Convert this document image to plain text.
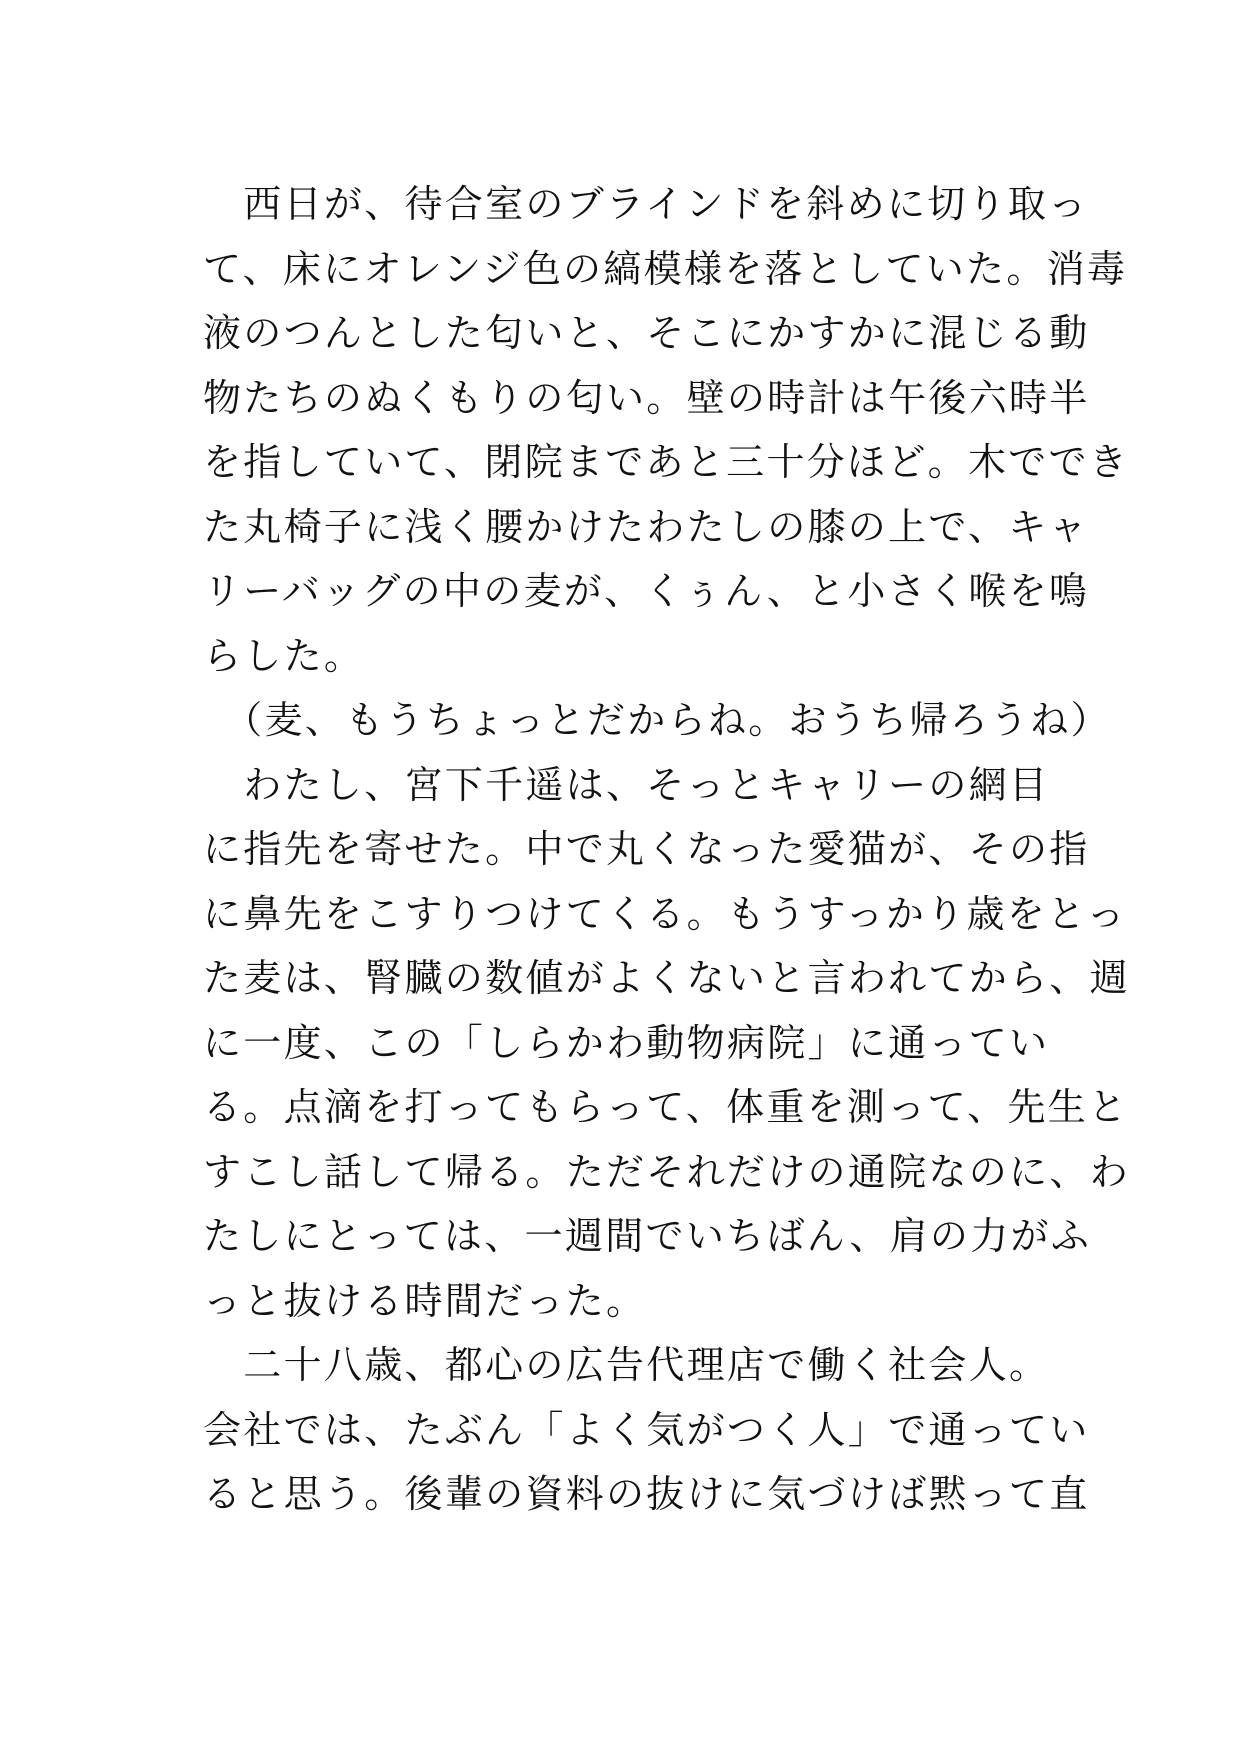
　西日が、待合室のブラインドを斜めに切り取っ
て、床にオレンジ色の縞模様を落としていた。消毒
液のつんとした匂いと、そこにかすかに混じる動
物たちのぬくもりの匂い。壁の時計は午後六時半
を指していて、閉院まであと三十分ほど。木ででき
た丸椅子に浅く腰かけたわたしの膝の上で、キャ
リーバッグの中の麦が、くぅん、と小さく喉を鳴
らした。
　（麦、もうちょっとだからね。おうち帰ろうね）
　わたし、宮下千遥は、そっとキャリーの網目
に指先を寄せた。中で丸くなった愛猫が、その指
に鼻先をこすりつけてくる。もうすっかり歳をとっ
た麦は、腎臓の数値がよくないと言われてから、週
に一度、この「しらかわ動物病院」に通ってい
る。点滴を打ってもらって、体重を測って、先生と
すこし話して帰る。ただそれだけの通院なのに、わ
たしにとっては、一週間でいちばん、肩の力がふ
っと抜ける時間だった。
　二十八歳、都心の広告代理店で働く社会人。
会社では、たぶん「よく気がつく人」で通ってい
ると思う。後輩の資料の抜けに気づけば黙って直
